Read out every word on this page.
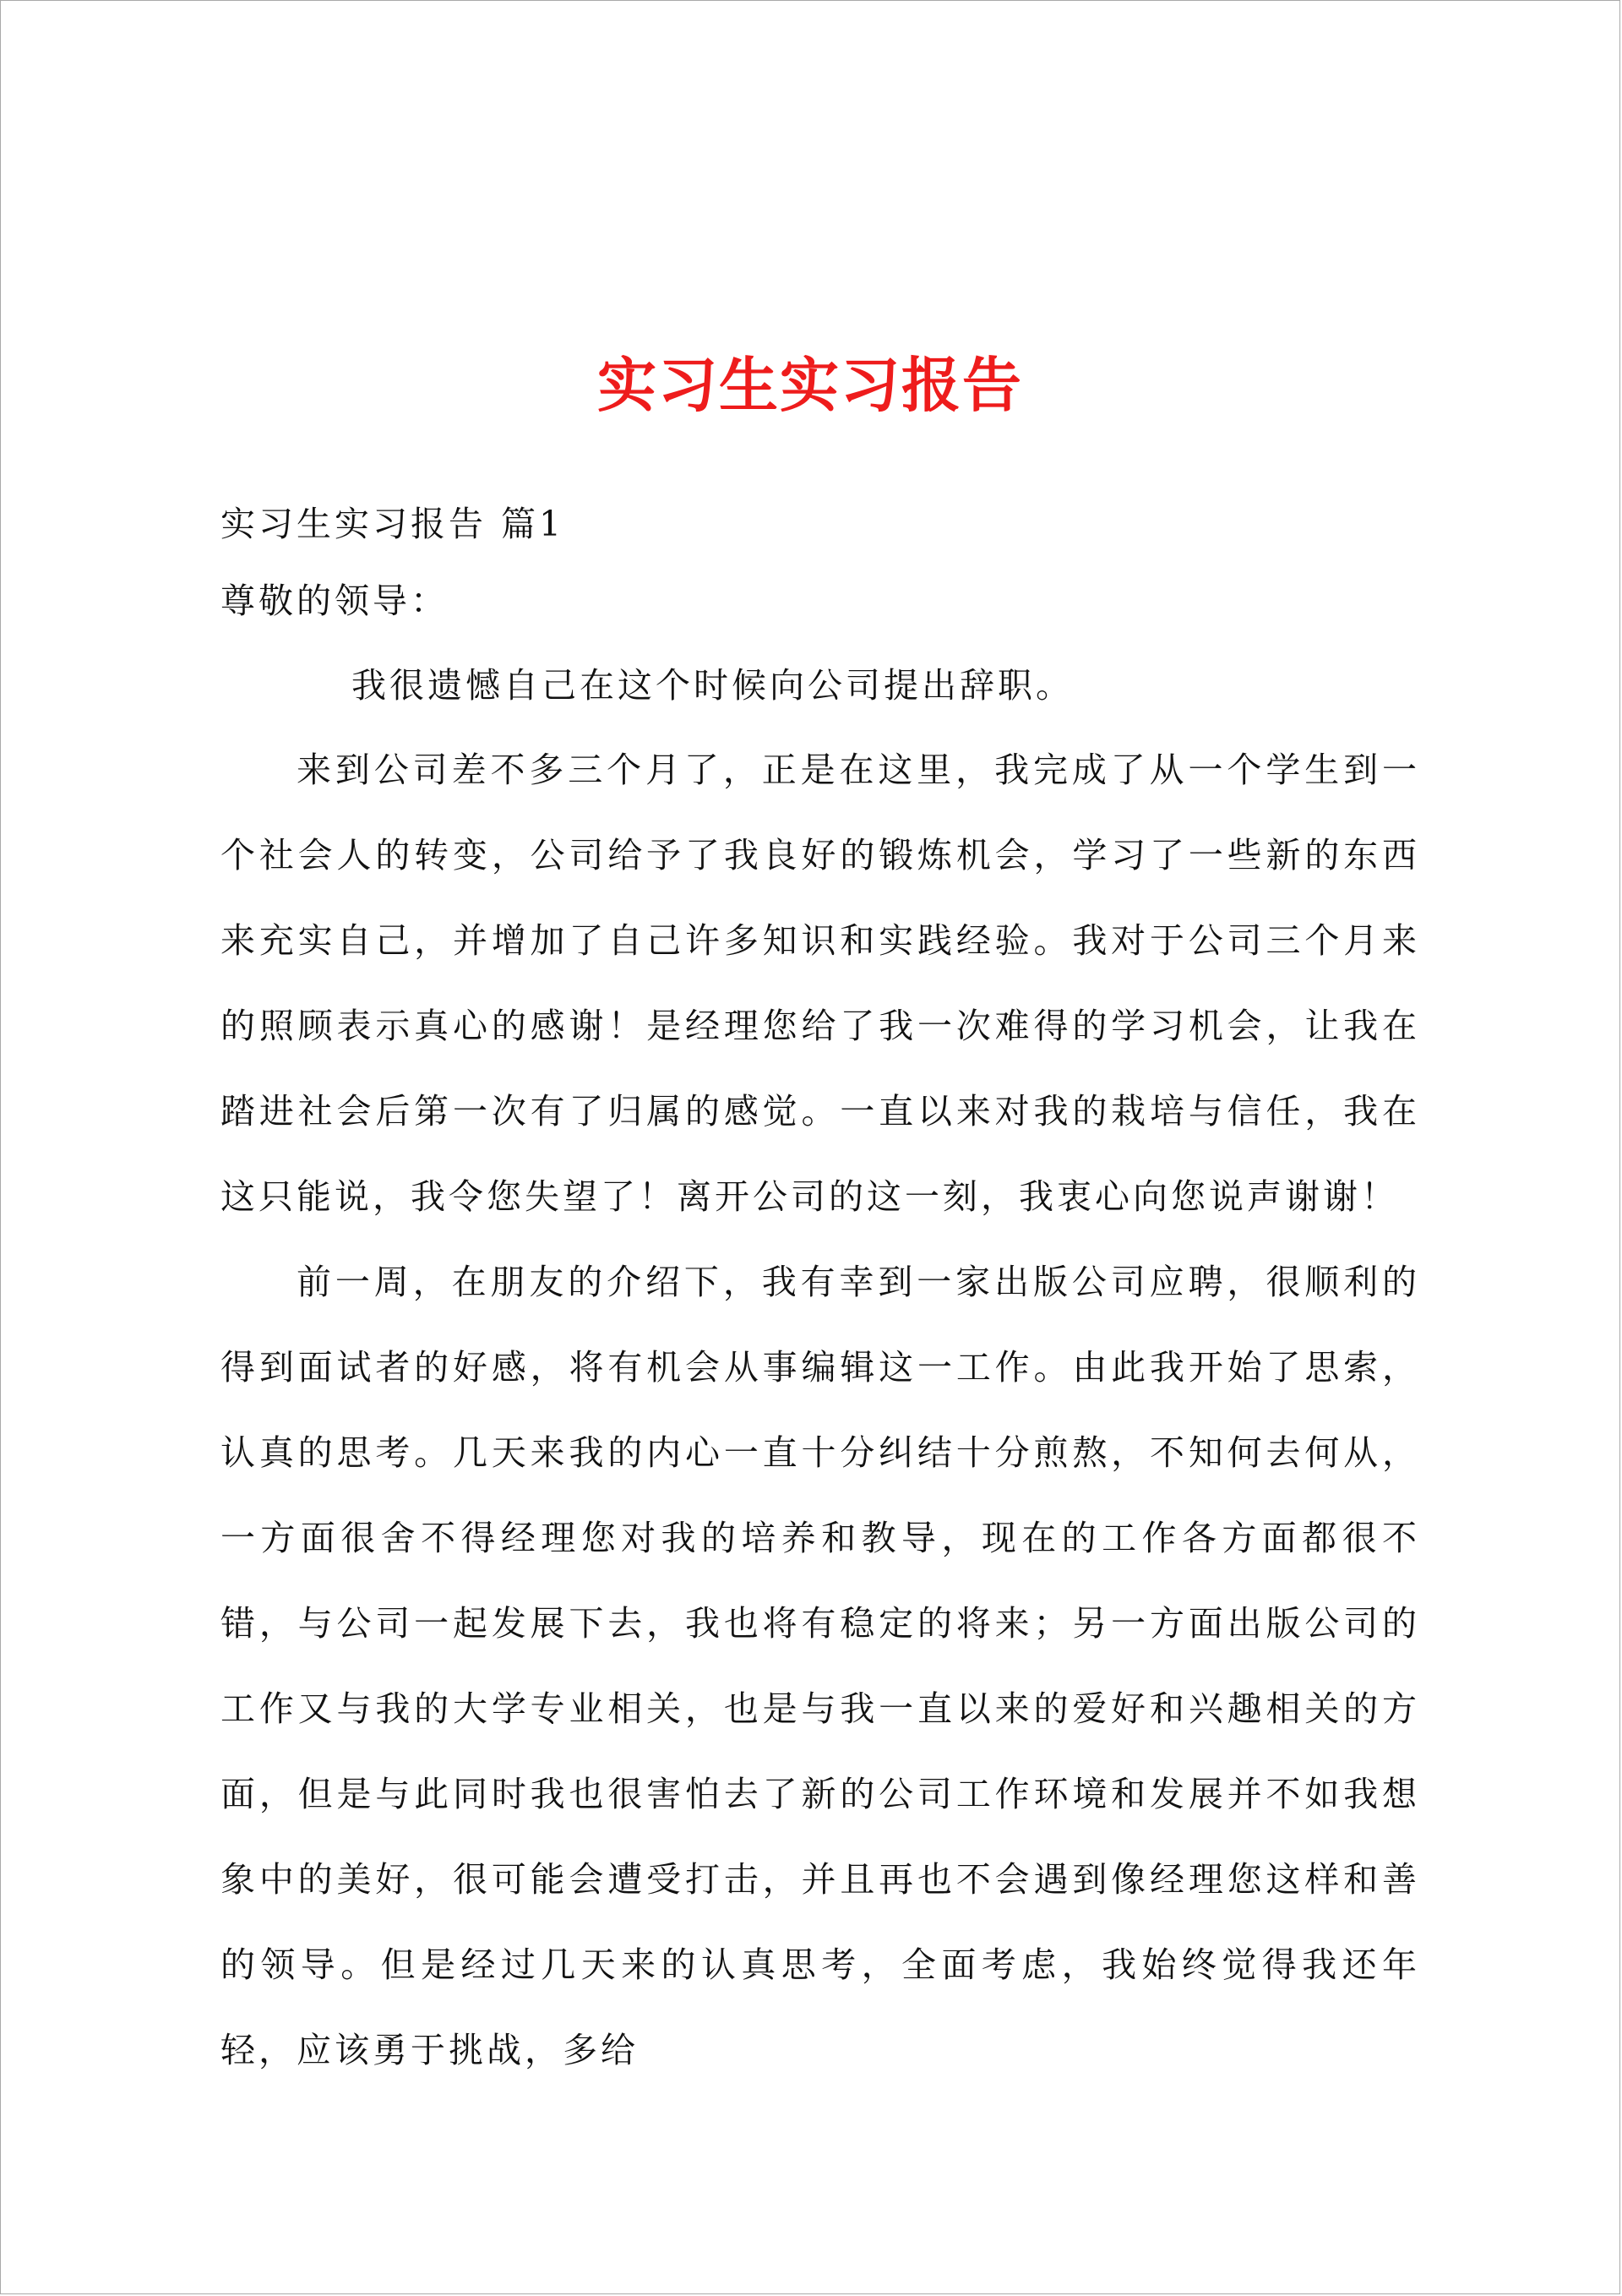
实习生实习报告
实习生实习报告 篇1
尊敬的领导：
我很遗憾自己在这个时候向公司提出辞职。

来到公司差不多三个月了，正是在这里，我完成了从一个学生到一个社会人的转变，公司给予了我良好的锻炼机会，学习了一些新的东西来充实自己，并增加了自己许多知识和实践经验。我对于公司三个月来的照顾表示真心的感谢！是经理您给了我一次难得的学习机会，让我在踏进社会后第一次有了归属的感觉。一直以来对我的栽培与信任，我在这只能说，我令您失望了！离开公司的这一刻，我衷心向您说声谢谢！

前一周，在朋友的介绍下，我有幸到一家出版公司应聘，很顺利的得到面试者的好感，将有机会从事编辑这一工作。由此我开始了思索，认真的思考。几天来我的内心一直十分纠结十分煎熬，不知何去何从，一方面很舍不得经理您对我的培养和教导，现在的工作各方面都很不错，与公司一起发展下去，我也将有稳定的将来；另一方面出版公司的工作又与我的大学专业相关，也是与我一直以来的爱好和兴趣相关的方面，但是与此同时我也很害怕去了新的公司工作环境和发展并不如我想象中的美好，很可能会遭受打击，并且再也不会遇到像经理您这样和善的领导。但是经过几天来的认真思考，全面考虑，我始终觉得我还年轻，应该勇于挑战，多给
